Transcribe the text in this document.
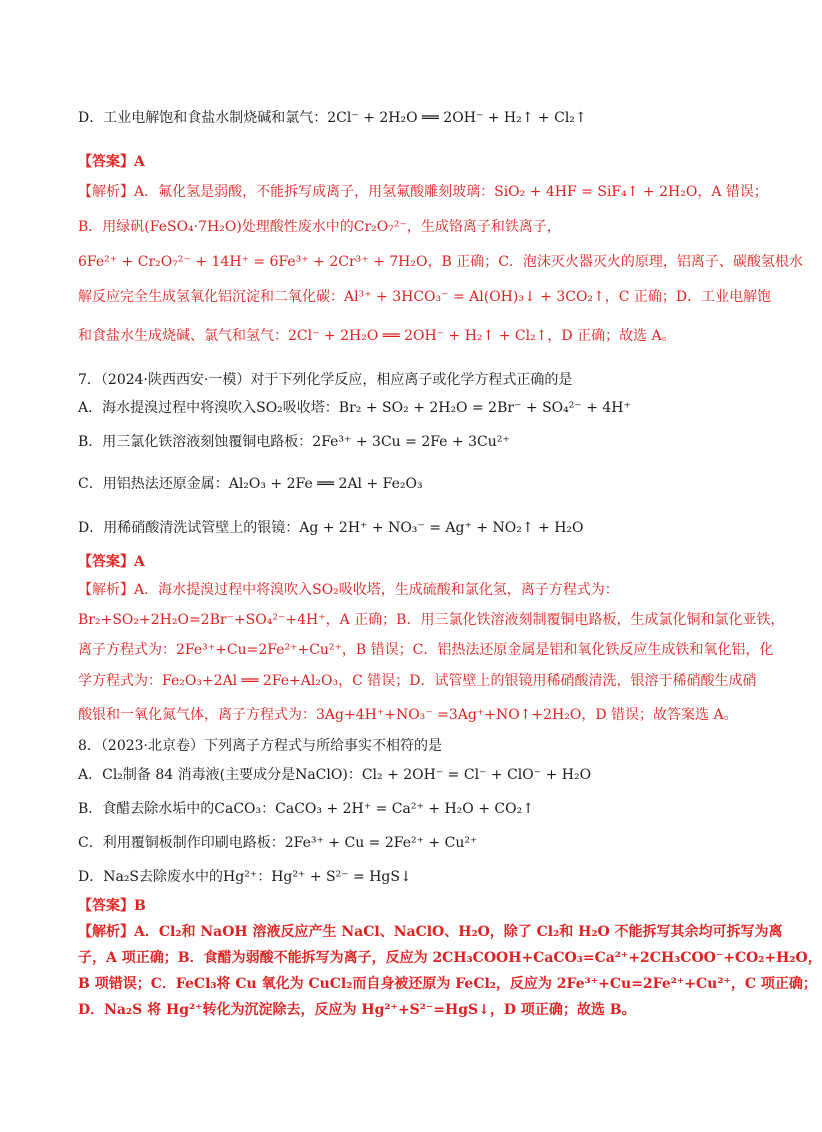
D．工业电解饱和食盐水制烧碱和氯气：2Cl⁻ + 2H₂O ══ 2OH⁻ + H₂↑ + Cl₂↑
【答案】A
【解析】A．氟化氢是弱酸，不能拆写成离子，用氢氟酸雕刻玻璃：SiO₂ + 4HF = SiF₄↑ + 2H₂O，A 错误；
B．用绿矾(FeSO₄·7H₂O)处理酸性废水中的Cr₂O₇²⁻，生成铬离子和铁离子，
6Fe²⁺ + Cr₂O₇²⁻ + 14H⁺ = 6Fe³⁺ + 2Cr³⁺ + 7H₂O，B 正确；C．泡沫灭火器灭火的原理，铝离子、碳酸氢根水
解反应完全生成氢氧化铝沉淀和二氧化碳：Al³⁺ + 3HCO₃⁻ = Al(OH)₃↓ + 3CO₂↑，C 正确；D．工业电解饱
和食盐水生成烧碱、氯气和氢气：2Cl⁻ + 2H₂O ══ 2OH⁻ + H₂↑ + Cl₂↑，D 正确；故选 A。
7．（2024·陕西西安·一模）对于下列化学反应，相应离子或化学方程式正确的是
A．海水提溴过程中将溴吹入SO₂吸收塔：Br₂ + SO₂ + 2H₂O = 2Br⁻ + SO₄²⁻ + 4H⁺
B．用三氯化铁溶液刻蚀覆铜电路板：2Fe³⁺ + 3Cu = 2Fe + 3Cu²⁺
C．用铝热法还原金属：Al₂O₃ + 2Fe ══ 2Al + Fe₂O₃
D．用稀硝酸清洗试管壁上的银镜：Ag + 2H⁺ + NO₃⁻ = Ag⁺ + NO₂↑ + H₂O
【答案】A
【解析】A．海水提溴过程中将溴吹入SO₂吸收塔，生成硫酸和氯化氢，离子方程式为：
Br₂+SO₂+2H₂O=2Br⁻+SO₄²⁻+4H⁺，A 正确；B．用三氯化铁溶液刻制覆铜电路板，生成氯化铜和氯化亚铁，
离子方程式为：2Fe³⁺+Cu=2Fe²⁺+Cu²⁺，B 错误；C．铝热法还原金属是铝和氧化铁反应生成铁和氧化铝，化
学方程式为：Fe₂O₃+2Al ══ 2Fe+Al₂O₃，C 错误；D．试管壁上的银镜用稀硝酸清洗，银溶于稀硝酸生成硝
酸银和一氧化氮气体，离子方程式为：3Ag+4H⁺+NO₃⁻ =3Ag⁺+NO↑+2H₂O，D 错误；故答案选 A。
8．（2023·北京卷）下列离子方程式与所给事实不相符的是
A．Cl₂制备 84 消毒液(主要成分是NaClO)：Cl₂ + 2OH⁻ = Cl⁻ + ClO⁻ + H₂O
B．食醋去除水垢中的CaCO₃：CaCO₃ + 2H⁺ = Ca²⁺ + H₂O + CO₂↑
C．利用覆铜板制作印刷电路板：2Fe³⁺ + Cu = 2Fe²⁺ + Cu²⁺
D．Na₂S去除废水中的Hg²⁺：Hg²⁺ + S²⁻ = HgS↓
【答案】B
【解析】A．Cl₂和 NaOH 溶液反应产生 NaCl、NaClO、H₂O，除了 Cl₂和 H₂O 不能拆写其余均可拆写为离
子，A 项正确；B．食醋为弱酸不能拆写为离子，反应为 2CH₃COOH+CaCO₃=Ca²⁺+2CH₃COO⁻+CO₂+H₂O，
B 项错误；C．FeCl₃将 Cu 氧化为 CuCl₂而自身被还原为 FeCl₂，反应为 2Fe³⁺+Cu=2Fe²⁺+Cu²⁺，C 项正确；
D．Na₂S 将 Hg²⁺转化为沉淀除去，反应为 Hg²⁺+S²⁻=HgS↓，D 项正确；故选 B。
